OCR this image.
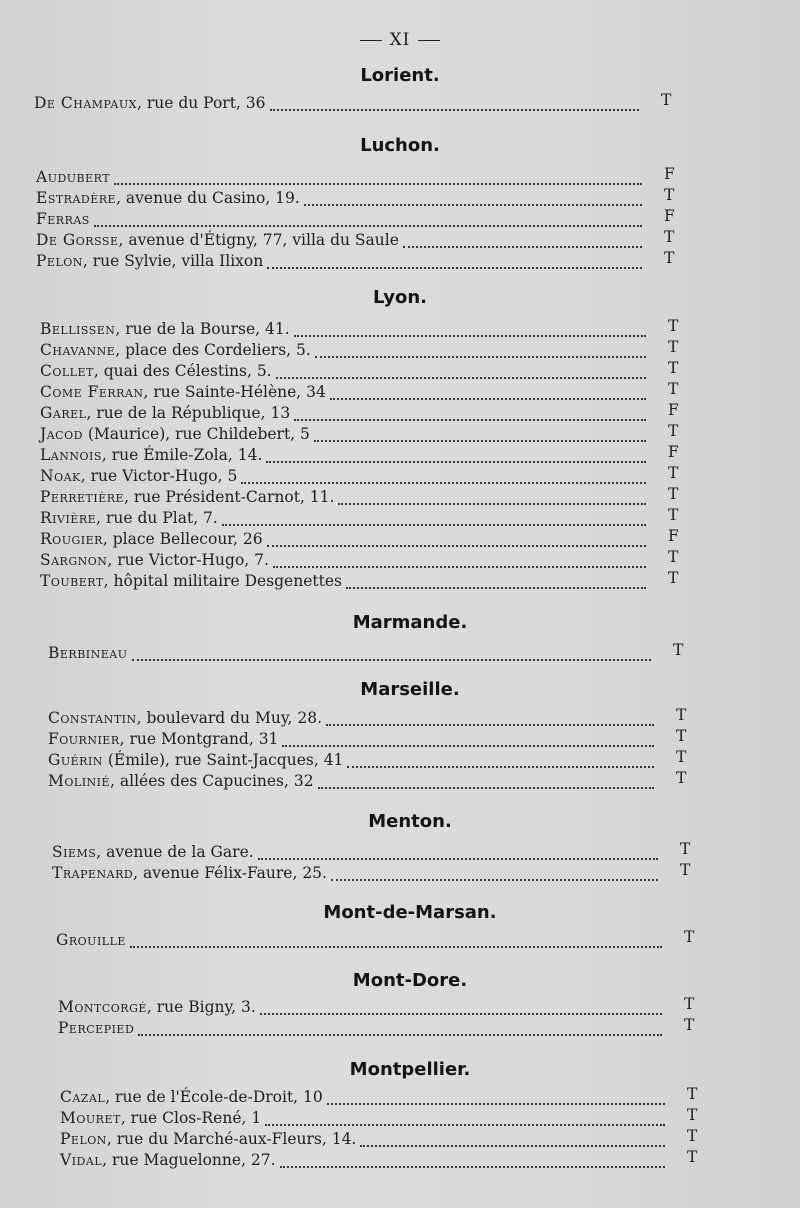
XI
Lorient.
De Champaux, rue du Port, 36	T
Luchon.
Audubert	F
Estradère, avenue du Casino, 19.	T
Ferras	F
De Gorsse, avenue d'Étigny, 77, villa du Saule	T
Pelon, rue Sylvie, villa Ilixon	T
Lyon.
Bellissen, rue de la Bourse, 41.	T
Chavanne, place des Cordeliers, 5.	T
Collet, quai des Célestins, 5.	T
Come Ferran, rue Sainte-Hélène, 34	T
Garel, rue de la République, 13	F
Jacod (Maurice), rue Childebert, 5	T
Lannois, rue Émile-Zola, 14.	F
Noak, rue Victor-Hugo, 5	T
Perretière, rue Président-Carnot, 11.	T
Rivière, rue du Plat, 7.	T
Rougier, place Bellecour, 26	F
Sargnon, rue Victor-Hugo, 7.	T
Toubert, hôpital militaire Desgenettes	T
Marmande.
Berbineau	T
Marseille.
Constantin, boulevard du Muy, 28.	T
Fournier, rue Montgrand, 31	T
Guérin (Émile), rue Saint-Jacques, 41	T
Molinié, allées des Capucines, 32	T
Menton.
Siems, avenue de la Gare.	T
Trapenard, avenue Félix-Faure, 25.	T
Mont-de-Marsan.
Grouille	T
Mont-Dore.
Montcorgé, rue Bigny, 3.	T
Percepied	T
Montpellier.
Cazal, rue de l'École-de-Droit, 10	T
Mouret, rue Clos-René, 1	T
Pelon, rue du Marché-aux-Fleurs, 14.	T
Vidal, rue Maguelonne, 27.	T
